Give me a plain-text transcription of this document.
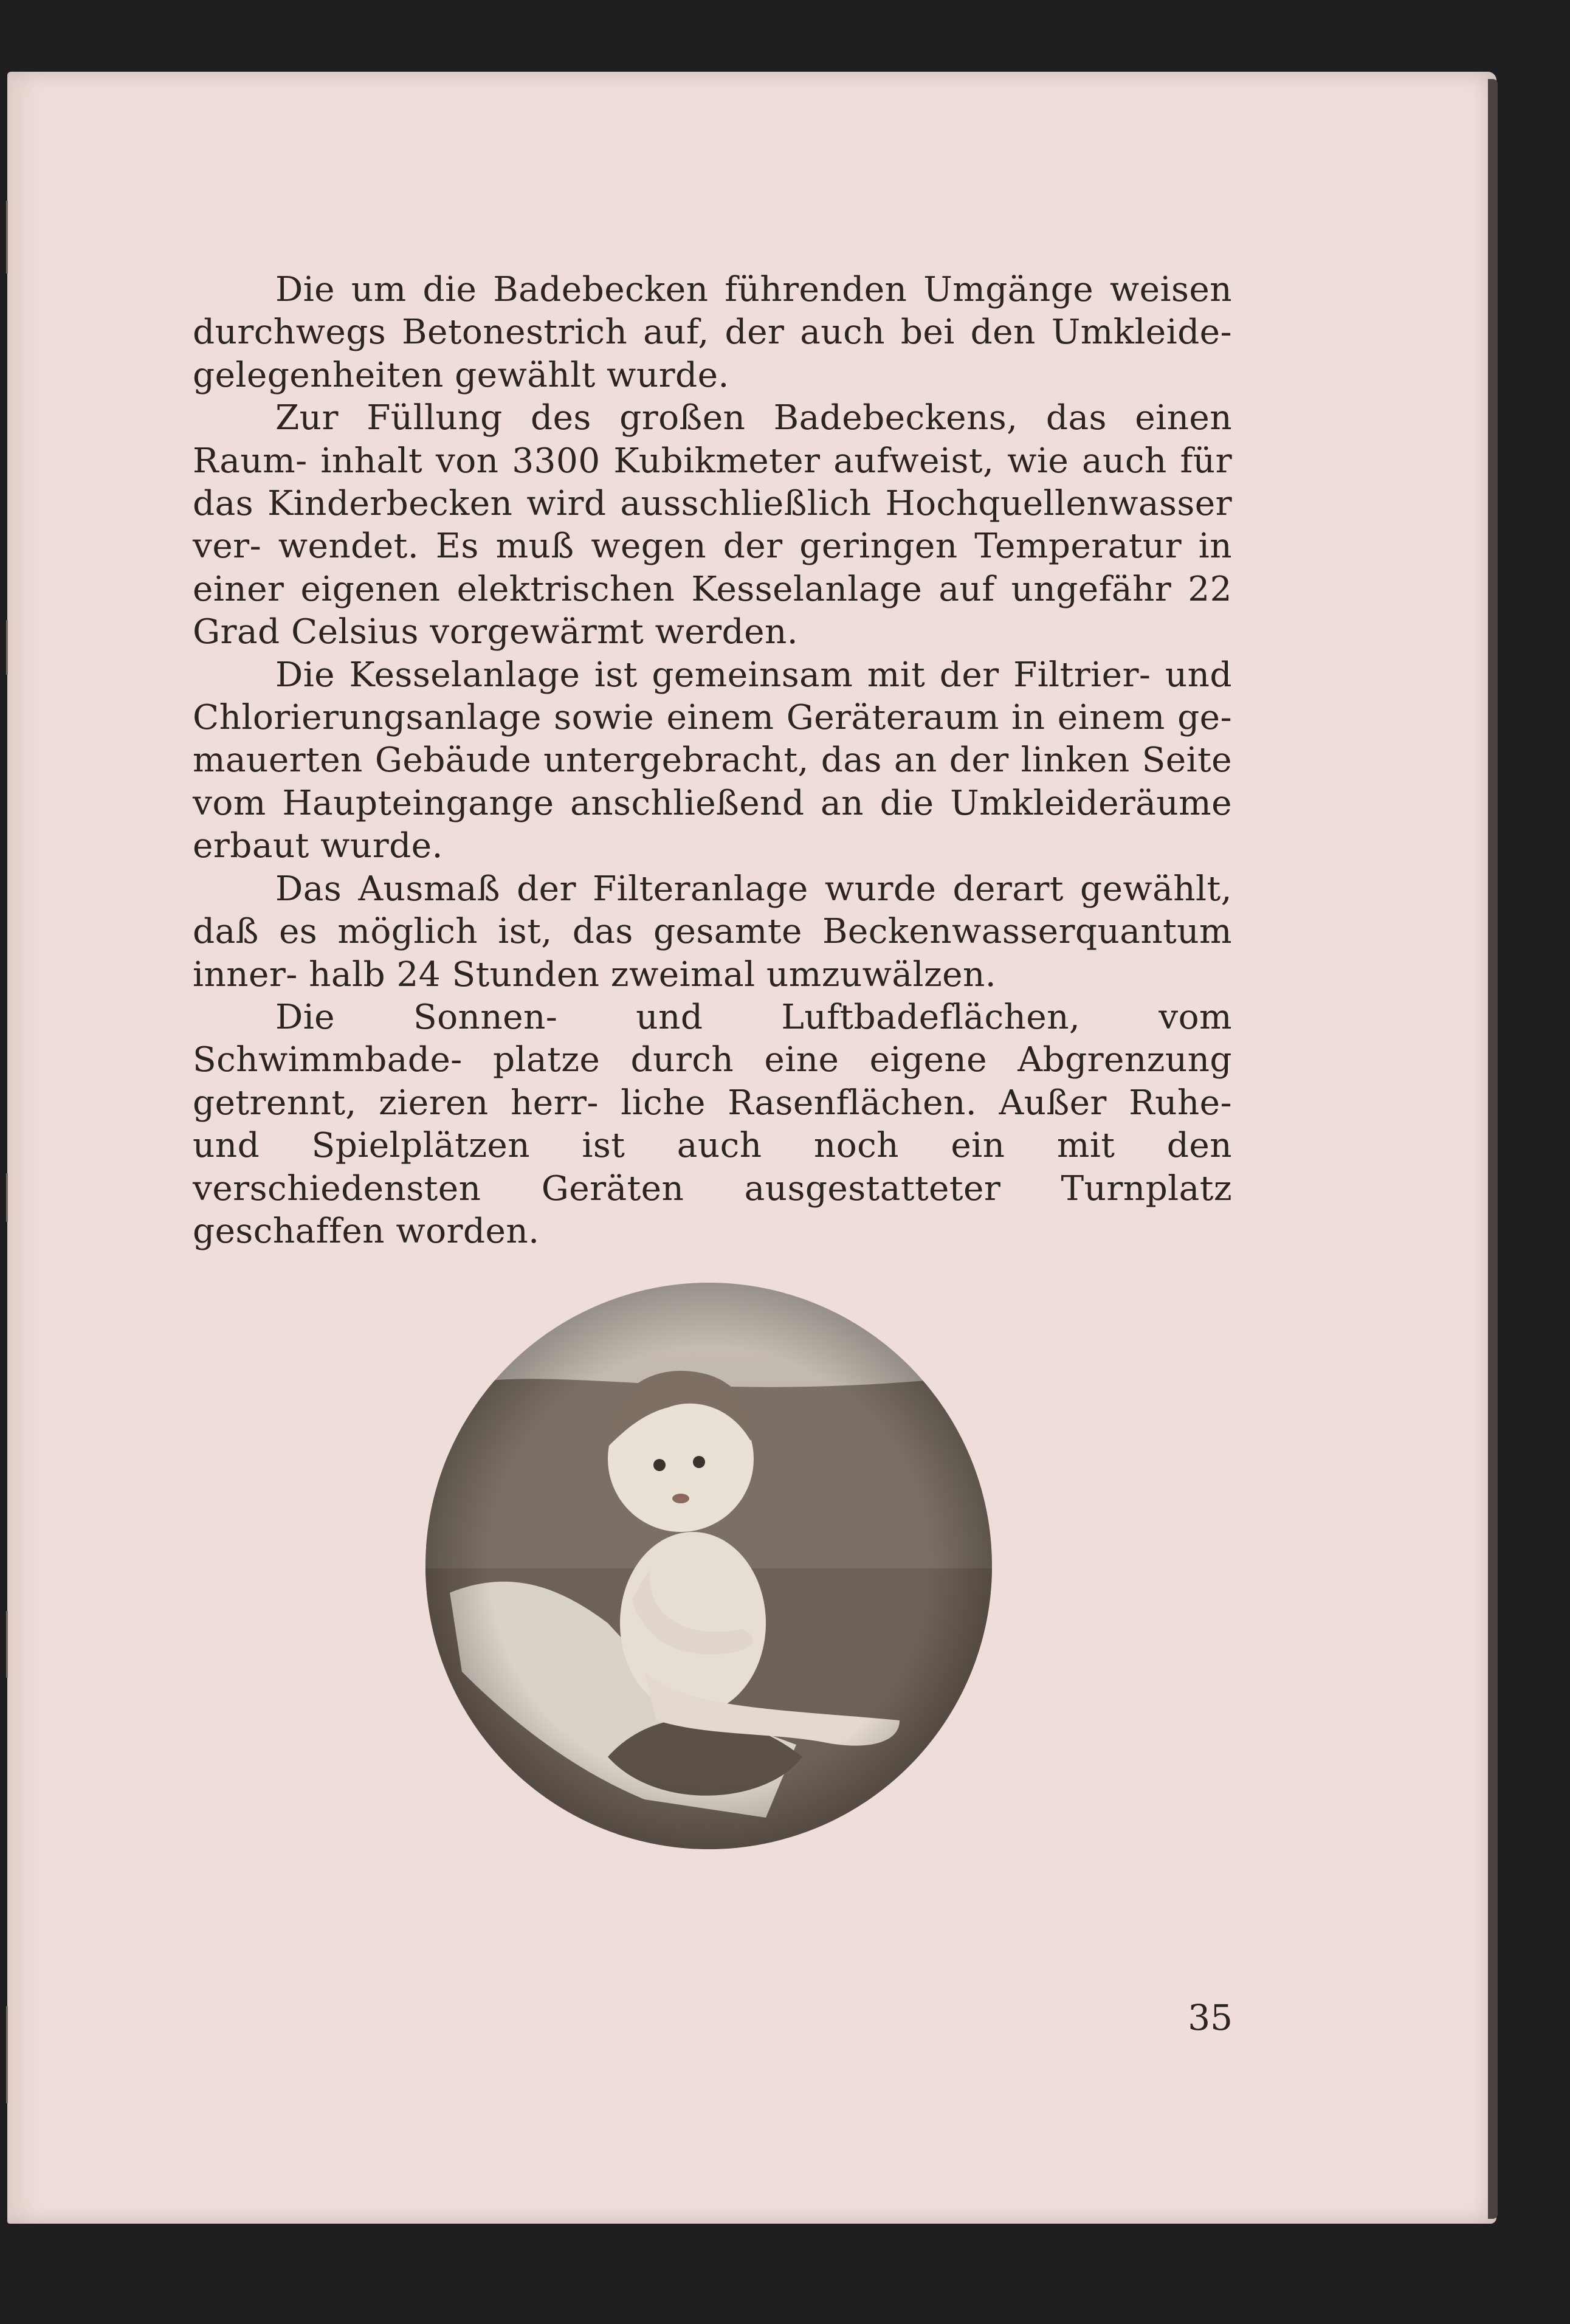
Die um die Badebecken führenden Umgänge weisen durchwegs Betonestrich auf, der auch bei den Umkleide- gelegenheiten gewählt wurde.

Zur Füllung des großen Badebeckens, das einen Raum- inhalt von 3300 Kubikmeter aufweist, wie auch für das Kinderbecken wird ausschließlich Hochquellenwasser ver- wendet. Es muß wegen der geringen Temperatur in einer eigenen elektrischen Kesselanlage auf ungefähr 22 Grad Celsius vorgewärmt werden.

Die Kesselanlage ist gemeinsam mit der Filtrier- und Chlorierungsanlage sowie einem Geräteraum in einem ge- mauerten Gebäude untergebracht, das an der linken Seite vom Haupteingange anschließend an die Umkleideräume erbaut wurde.

Das Ausmaß der Filteranlage wurde derart gewählt, daß es möglich ist, das gesamte Beckenwasserquantum inner- halb 24 Stunden zweimal umzuwälzen.

Die Sonnen- und Luftbadeflächen, vom Schwimmbade- platze durch eine eigene Abgrenzung getrennt, zieren herr- liche Rasenflächen. Außer Ruhe- und Spielplätzen ist auch noch ein mit den verschiedensten Geräten ausgestatteter Turnplatz geschaffen worden.

35
